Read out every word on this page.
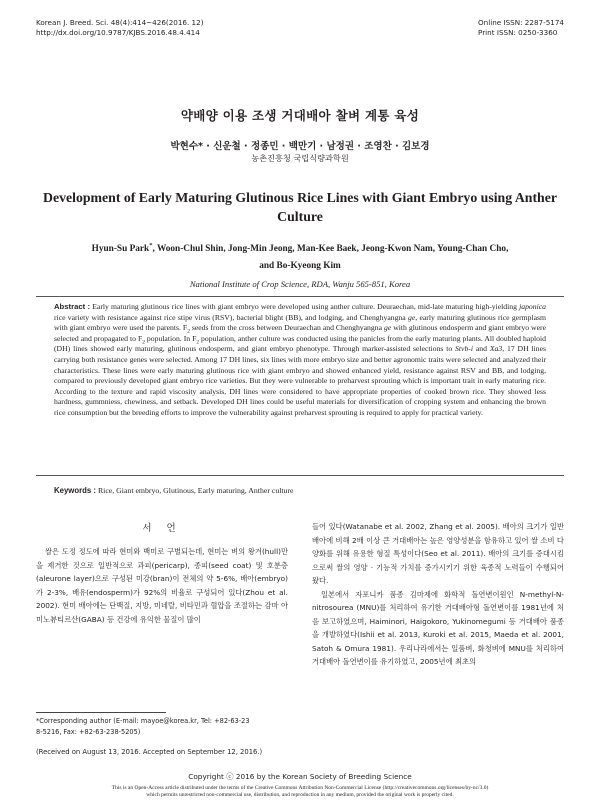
Korean J. Breed. Sci. 48(4):414~426(2016. 12)
http://dx.doi.org/10.9787/KJBS.2016.48.4.414
Online ISSN: 2287-5174
Print ISSN: 0250-3360
약배양 이용 조생 거대배아 찰벼 계통 육성
박현수* · 신운철 · 정종민 · 백만기 · 남정권 · 조영찬 · 김보경
농촌진흥청 국립식량과학원
Development of Early Maturing Glutinous Rice Lines with Giant Embryo using Anther Culture
Hyun-Su Park*, Woon-Chul Shin, Jong-Min Jeong, Man-Kee Baek, Jeong-Kwon Nam, Young-Chan Cho,
and Bo-Kyeong Kim
National Institute of Crop Science, RDA, Wanju 565-851, Korea
Abstract : Early maturing glutinous rice lines with giant embryo were developed using anther culture. Deuraechan, mid-late maturing high-yielding japonica rice variety with resistance against rice stipe virus (RSV), bacterial blight (BB), and lodging, and Chenghyangna ge, early maturing glutinous rice germplasm with giant embryo were used the parents. $F_2$ seeds from the cross between Deuraechan and Chenghyangna ge with glutinous endosperm and giant embryo were selected and propagated to $F_2$ population. In $F_2$ population, anther culture was conducted using the panicles from the early maturing plants. All doubled haploid (DH) lines showed early maturing, glutinous endosperm, and giant embryo phenotype. Through marker-assisted selections to Stvb-i and Xa3, 17 DH lines carrying both resistance genes were selected. Among 17 DH lines, six lines with more embryo size and better agronomic traits were selected and analyzed their characteristics. These lines were early maturing glutinous rice with giant embryo and showed enhanced yield, resistance against RSV and BB, and lodging, compared to previously developed giant embryo rice varieties. But they were vulnerable to preharvest sprouting which is important trait in early maturing rice. According to the texture and rapid viscosity analysis, DH lines were considered to have appropriate properties of cooked brown rice. They showed less hardness, gummniess, chewiness, and setback. Developed DH lines could be useful materials for diversification of cropping system and enhancing the brown rice consumption but the breeding efforts to improve the vulnerability against preharvest sprouting is required to apply for practical variety.
Keywords : Rice, Giant embryo, Glutinous, Early maturing, Anther culture
서 언

쌀은 도정 정도에 따라 현미와 백미로 구별되는데, 현미는 벼의 왕겨(hull)만을 제거한 것으로 일반적으로 과피(pericarp), 종피(seed coat) 및 호분층(aleurone layer)으로 구성된 미강(bran)이 전체의 약 5-6%, 배아(embryo)가 2-3%, 배유(endosperm)가 92%의 비율로 구성되어 있다(Zhou et al. 2002). 현미 배아에는 단백질, 지방, 미네랄, 비타민과 혈압을 조절하는 감마 아미노뷰티르산(GABA) 등 건강에 유익한 물질이 많이

들어 있다(Watanabe et al. 2002, Zhang et al. 2005). 배아의 크기가 일반배아에 비해 2배 이상 큰 거대배아는 높은 영양성분을 함유하고 있어 쌀 소비 다양화를 위해 유용한 형질 특성이다(Seo et al. 2011). 배아의 크기를 증대시킴으로써 쌀의 영양 · 기능적 가치를 증가시키기 위한 육종적 노력들이 수행되어 왔다.

일본에서 자포니카 품종 김마제에 화학적 돌연변이원인 N-methyl-N-nitrosourea (MNU)를 처리하여 유기한 거대배아형 돌연변이를 1981년에 처음 보고하였으며, Haiminori, Haigokoro, Yukinomegumi 등 거대배아 품종을 개발하였다(Ishii et al. 2013, Kuroki et al. 2015, Maeda et al. 2001, Satoh & Omura 1981). 우리나라에서는 일품벼, 화청벼에 MNU를 처리하여 거대배아 돌연변이를 유기하였고, 2005년에 최초의

*Corresponding author (E-mail: mayoe@korea.kr, Tel: +82-63-23
8-5216, Fax: +82-63-238-5205)
(Received on August 13, 2016. Accepted on September 12, 2016.)
Copyright ⓒ 2016 by the Korean Society of Breeding Science
This is an Open-Access article distributed under the terms of the Creative Commons Attribution Non-Commercial License (http://creativecommons.org/licenses/by-nc/3.0)
which permits unrestricted non-commercial use, distribution, and reproduction in any medium, provided the original work is properly cited.
